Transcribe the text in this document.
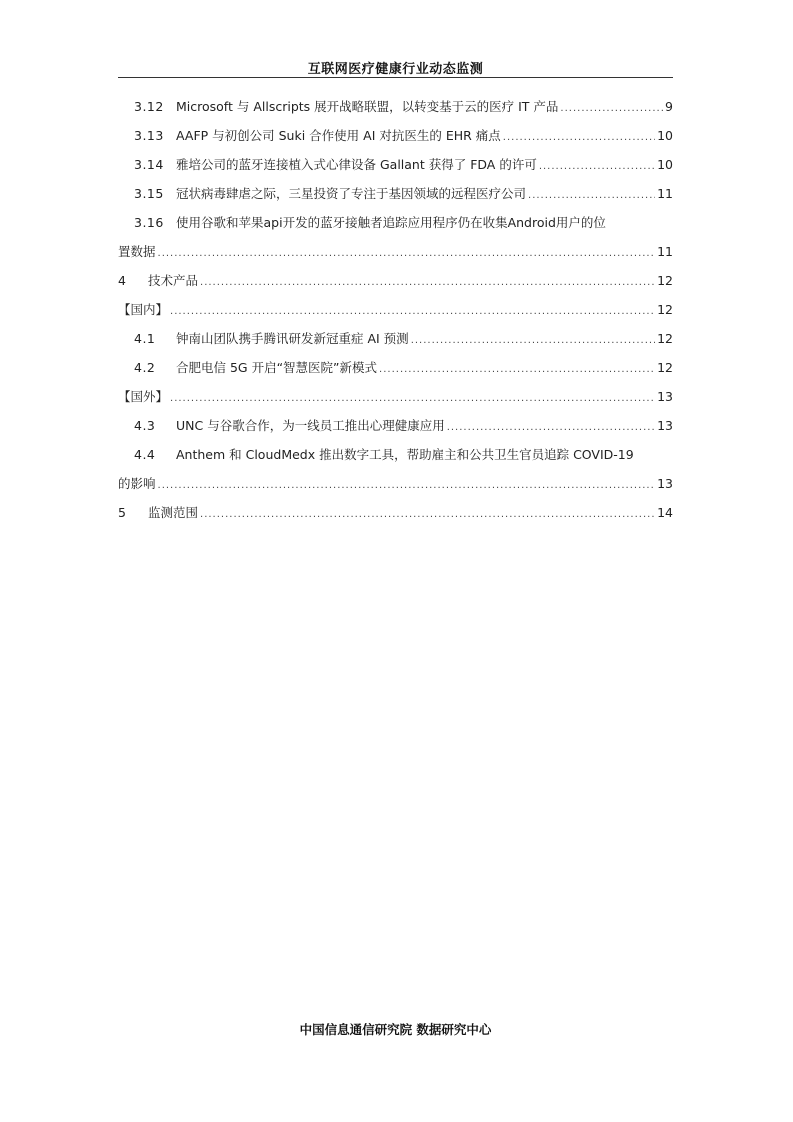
互联网医疗健康行业动态监测
3.12 Microsoft 与 Allscripts 展开战略联盟，以转变基于云的医疗 IT 产品 .....	9
3.13 AAFP 与初创公司 Suki 合作使用 AI 对抗医生的 EHR 痛点 .....	10
3.14 雅培公司的蓝牙连接植入式心律设备 Gallant 获得了 FDA 的许可 .....	10
3.15 冠状病毒肆虐之际，三星投资了专注于基因领域的远程医疗公司 .....	11
3.16 使用谷歌和苹果api开发的蓝牙接触者追踪应用程序仍在收集Android用户的位
置数据 .....	11
4	技术产品 .....	12
【国内】 .....	12
4.1	钟南山团队携手腾讯研发新冠重症 AI 预测 .....	12
4.2	合肥电信 5G 开启“智慧医院”新模式 .....	12
【国外】 .....	13
4.3	UNC 与谷歌合作，为一线员工推出心理健康应用 .....	13
4.4	Anthem 和 CloudMedx 推出数字工具，帮助雇主和公共卫生官员追踪 COVID-19
的影响 .....	13
5	监测范围 .....	14
中国信息通信研究院 数据研究中心
